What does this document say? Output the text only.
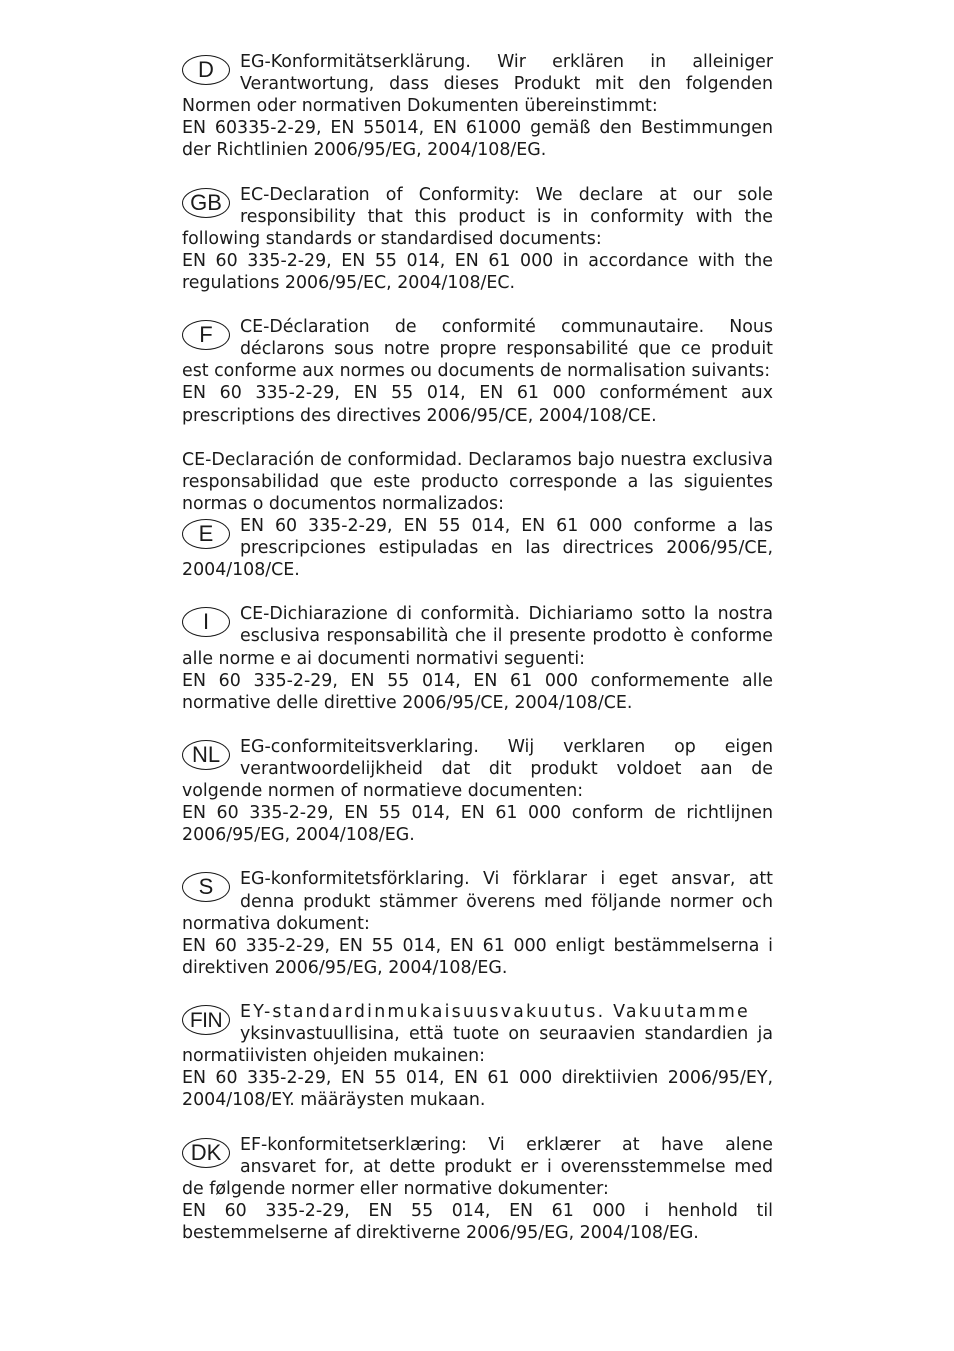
D	EG-Konformitätserklärung. Wir erklären in alleiniger Verantwortung, dass dieses Produkt mit den folgenden Normen oder normativen Dokumenten übereinstimmt:

EN 60335-2-29, EN 55014, EN 61000 gemäß den Bestimmungen der Richtlinien 2006/95/EG, 2004/108/EG.

GB	EC-Declaration of Conformity: We declare at our sole responsibility that this product is in conformity with the following standards or standardised documents:

EN 60 335-2-29, EN 55 014, EN 61 000 in accordance with the regulations 2006/95/EC, 2004/108/EC.

F	CE-Déclaration de conformité communautaire. Nous déclarons sous notre propre responsabilité que ce produit est conforme aux normes ou documents de normalisation suivants:

EN 60 335-2-29, EN 55 014, EN 61 000 conformément aux prescriptions des directives 2006/95/CE, 2004/108/CE.

CE-Declaración de conformidad. Declaramos bajo nuestra exclusiva responsabilidad que este producto corresponde a las siguientes normas o documentos normalizados:

E	EN 60 335-2-29, EN 55 014, EN 61 000 conforme a las prescripciones estipuladas en las directrices 2006/95/CE, 2004/108/CE.

I	CE-Dichiarazione di conformità. Dichiariamo sotto la nostra esclusiva responsabilità che il presente prodotto è conforme alle norme e ai documenti normativi seguenti:

EN 60 335-2-29, EN 55 014, EN 61 000 conformemente alle normative delle direttive 2006/95/CE, 2004/108/CE.

NL	EG-conformiteitsverklaring. Wij verklaren op eigen verantwoordelijkheid dat dit produkt voldoet aan de volgende normen of normatieve documenten:

EN 60 335-2-29, EN 55 014, EN 61 000 conform de richtlijnen 2006/95/EG, 2004/108/EG.

S	EG-konformitetsförklaring. Vi förklarar i eget ansvar, att denna produkt stämmer överens med följande normer och normativa dokument:

EN 60 335-2-29, EN 55 014, EN 61 000 enligt bestämmelserna i direktiven 2006/95/EG, 2004/108/EG.

FIN	EY-standardinmukaisuusvakuutus. Vakuutamme

yksinvastuullisina, että tuote on seuraavien standardien ja normatiivisten ohjeiden mukainen:

EN 60 335-2-29, EN 55 014, EN 61 000 direktiivien 2006/95/EY, 2004/108/EY. määräysten mukaan.

DK	EF-konformitetserklæring: Vi erklærer at have alene ansvaret for, at dette produkt er i overensstemmelse med de følgende normer eller normative dokumenter:

EN 60 335-2-29, EN 55 014, EN 61 000 i henhold til bestemmelserne af direktiverne 2006/95/EG, 2004/108/EG.
